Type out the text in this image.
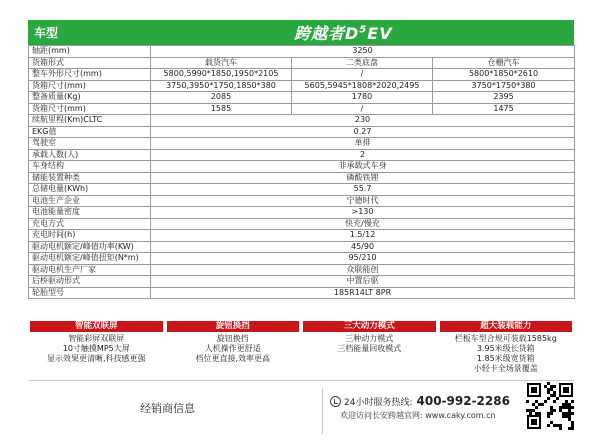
车型	跨越者$D^5EV$
轴距(mm)	3250		
货箱形式	载货汽车	二类底盘	仓栅汽车
整车外形尺寸(mm)	5800,5990*1850,1950*2105	/	5800*1850*2610
货箱尺寸(mm)	3750,3950*1750,1850*380	5605,5945*1808*2020,2495	3750*1750*380
整备质量(Kg)	2085	1780	2395
货箱尺寸(mm)	1585	/	1475
续航里程(Km)CLTC	230		
EKG值	0.27		
驾驶室	单排		
承载人数(人)	2		
车身结构	非承载式车身		
储能装置种类	磷酸铁锂		
总储电量(KWh)	55.7		
电池生产企业	宁德时代		
电池能量密度	>130		
充电方式	快充/慢充		
充电时间(h)	1.5/12		
驱动电机额定/峰值功率(KW)	45/90		
驱动电机额定/峰值扭矩(N*m)	95/210		
驱动电机生产厂家	众联能创		
后桥驱动形式	中置后驱		
轮胎型号	185R14LT 8PR		
智能双联屏
智能彩屏双联屏
10寸触摸MP5大屏
显示效果更清晰,科技感更强
旋钮换挡
旋钮换挡
人机操作更舒适
档位更直接,效率更高
三大动力模式
三种动力模式
三档能量回收模式
超大装载能力
栏板车型合规可装载1585kg
3.95米级长货箱
1.85米级宽货箱
小轻卡全场景覆盖
经销商信息	24小时服务热线: 400-992-2286
欢迎访问长安跨越官网: www.caky.com.cn
